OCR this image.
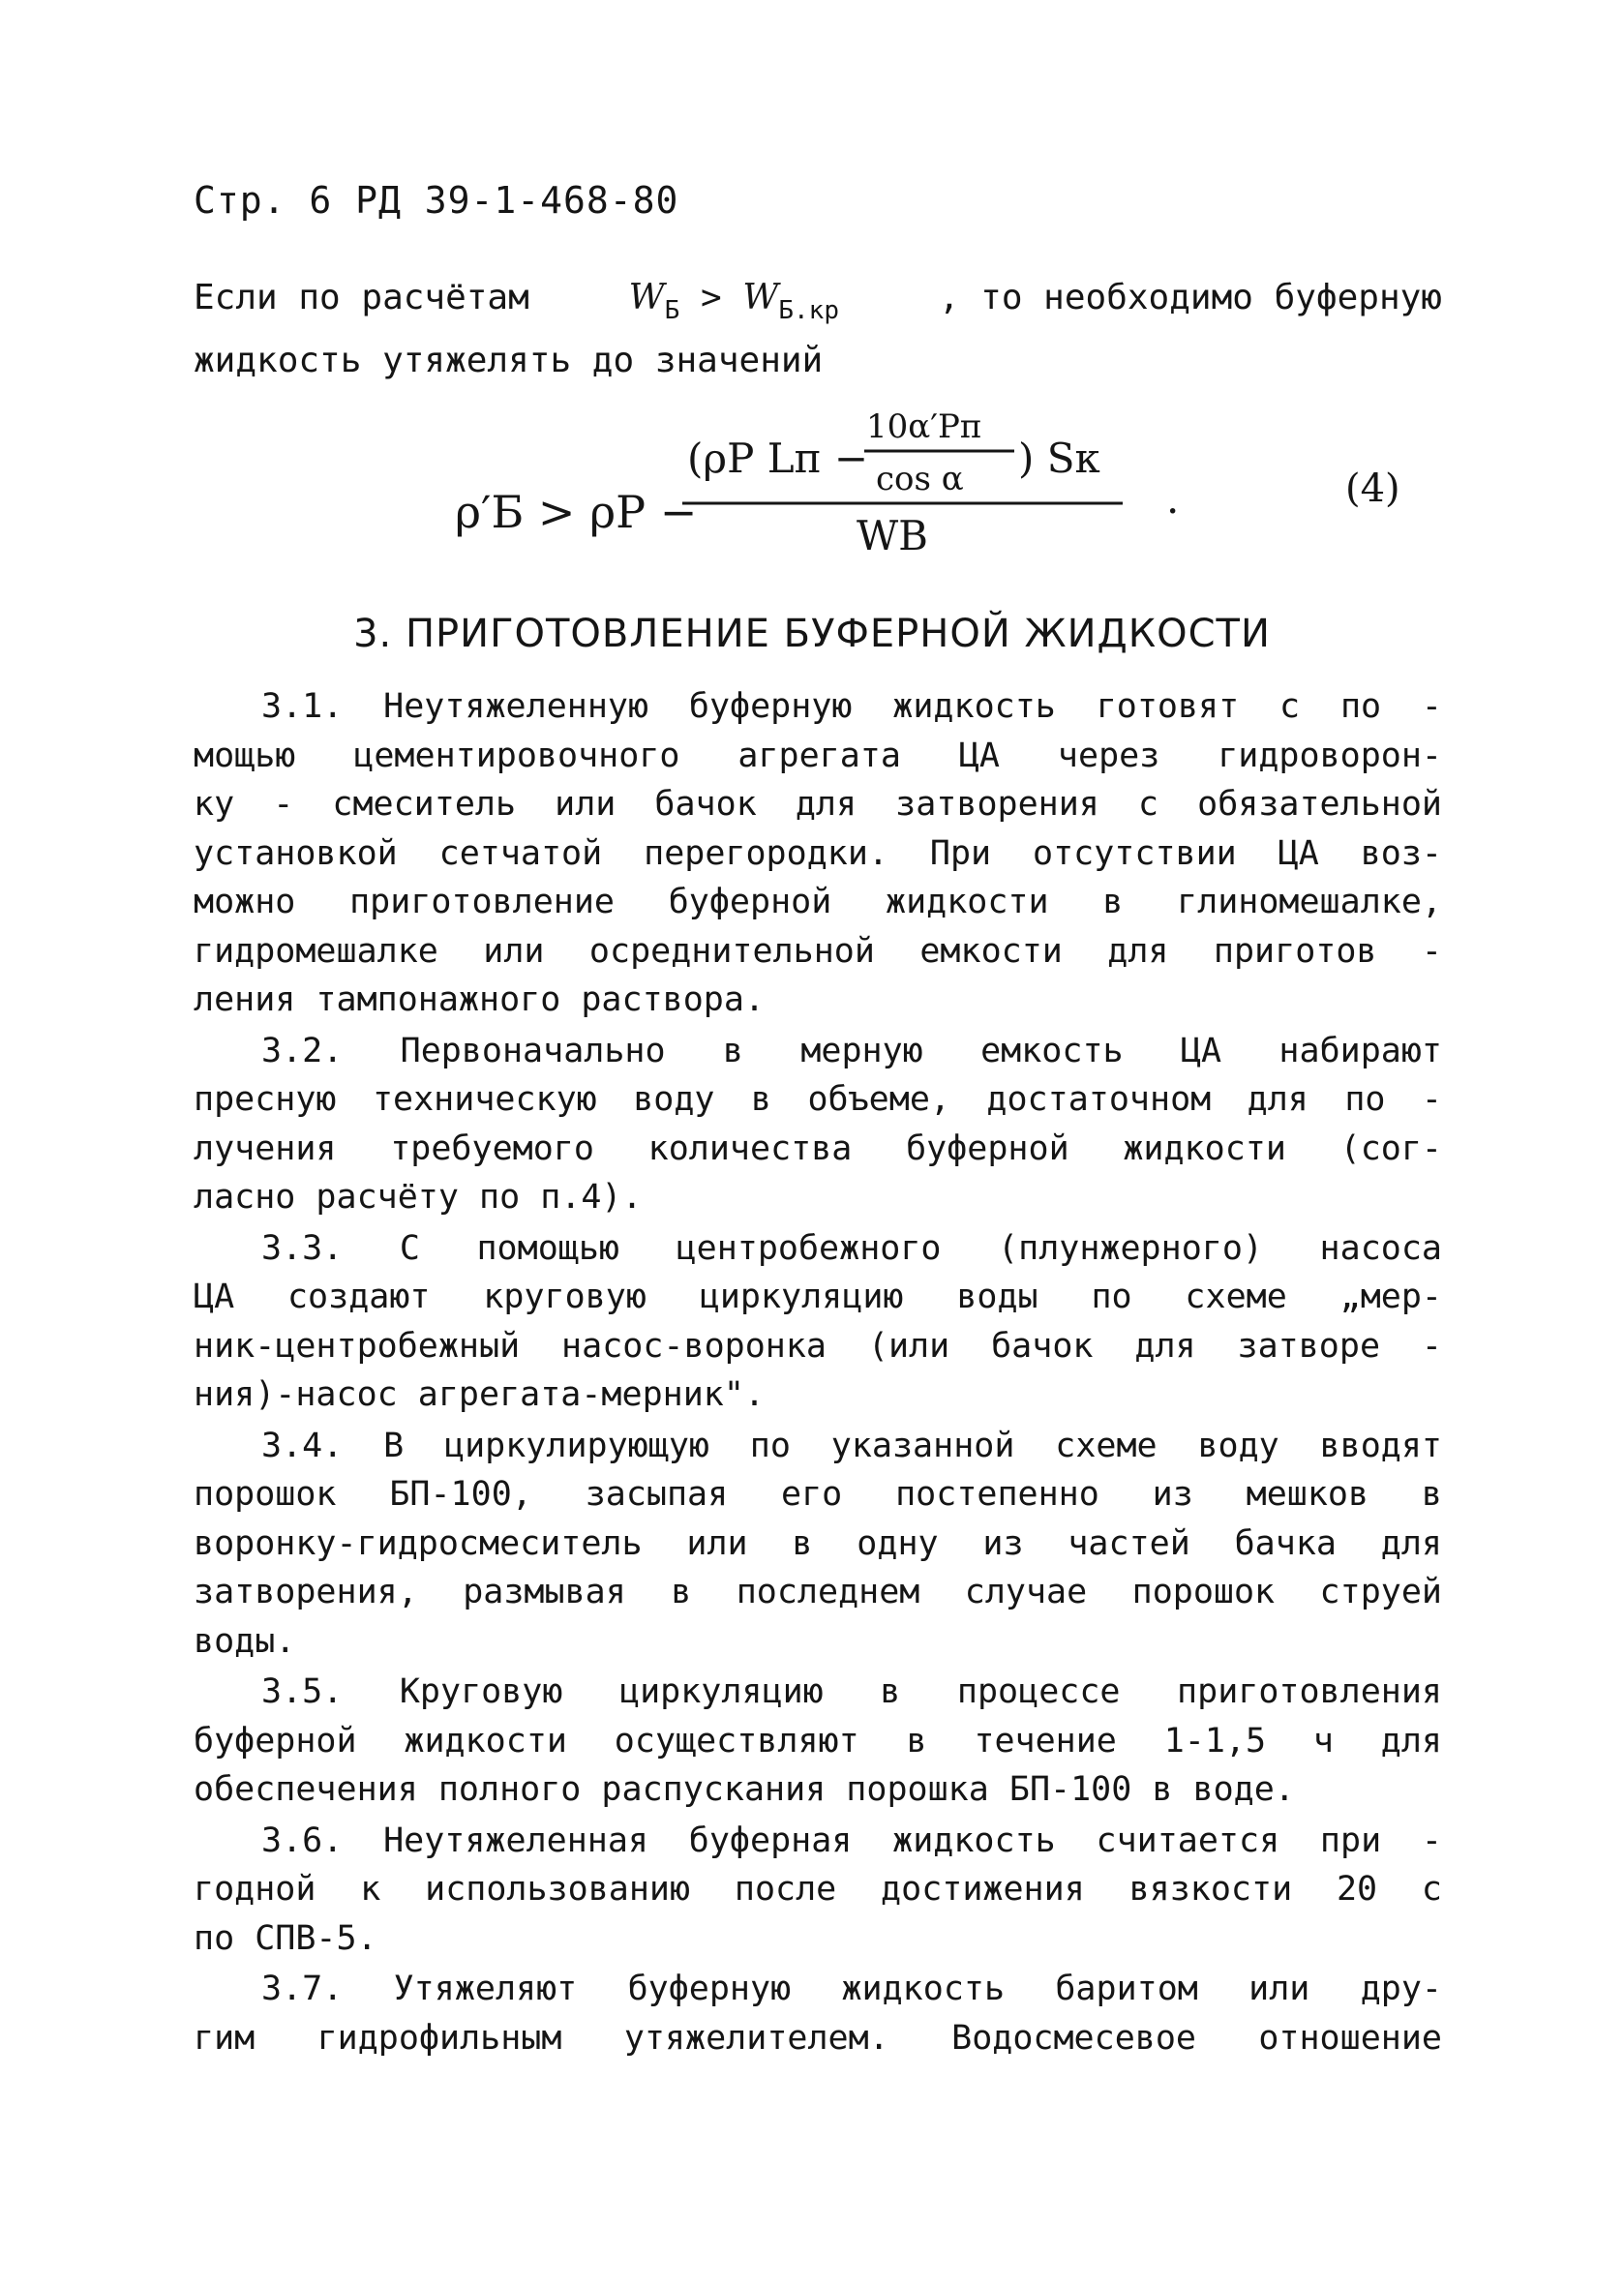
Стр. 6 РД 39-1-468-80
Если по расчётам	$W_Б > W_{Б.кр}$	, то необходимо буферную
жидкость утяжелять до значений
ρ′Б > ρР −
(ρР Lп −
10α′Pп
cos α ) Sк
WВ
.	(4)
3. ПРИГОТОВЛЕНИЕ БУФЕРНОЙ ЖИДКОСТИ
3.1. Неутяжеленную буферную жидкость готовят с по -
мощью цементировочного агрегата ЦА через гидроворон-
ку - смеситель или бачок для затворения с обязательной
установкой сетчатой перегородки. При отсутствии ЦА воз-
можно приготовление буферной жидкости в глиномешалке,
гидромешалке или осреднительной емкости для приготов -
ления тампонажного раствора.
3.2. Первоначально в мерную емкость ЦА набирают
пресную техническую воду в объеме, достаточном для по -
лучения требуемого количества буферной жидкости (сог-
ласно расчёту по п.4).
3.3. С помощью центробежного (плунжерного) насоса
ЦА создают круговую циркуляцию воды по схеме „мер-
ник-центробежный насос-воронка (или бачок для затворе -
ния)-насос агрегата-мерник".
3.4. В циркулирующую по указанной схеме воду вводят
порошок БП-100, засыпая его постепенно из мешков в
воронку-гидросмеситель или в одну из частей бачка для
затворения, размывая в последнем случае порошок струей
воды.
3.5. Круговую циркуляцию в процессе приготовления
буферной жидкости осуществляют в течение 1-1,5 ч для
обеспечения полного распускания порошка БП-100 в воде.
3.6. Неутяжеленная буферная жидкость считается при -
годной к использованию после достижения вязкости 20 с
по СПВ-5.
3.7. Утяжеляют буферную жидкость баритом или дру-
гим гидрофильным утяжелителем. Водосмесевое отношение
